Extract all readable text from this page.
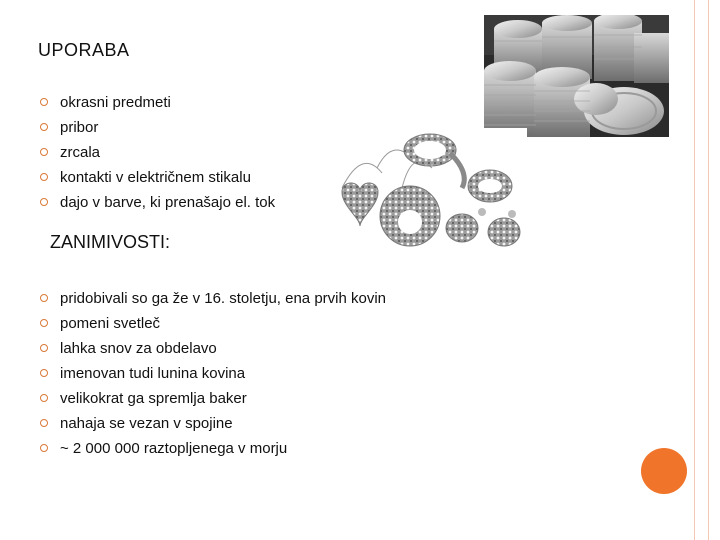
UPORABA
okrasni predmeti
pribor
zrcala
kontakti v električnem stikalu
dajo v barve, ki prenašajo el. tok
ZANIMIVOSTI:
pridobivali so ga že v 16. stoletju, ena prvih kovin
pomeni svetleč
lahka snov za obdelavo
imenovan tudi lunina kovina
velikokrat ga spremlja baker
nahaja se vezan v spojine
~ 2 000 000 raztopljenega v morju
